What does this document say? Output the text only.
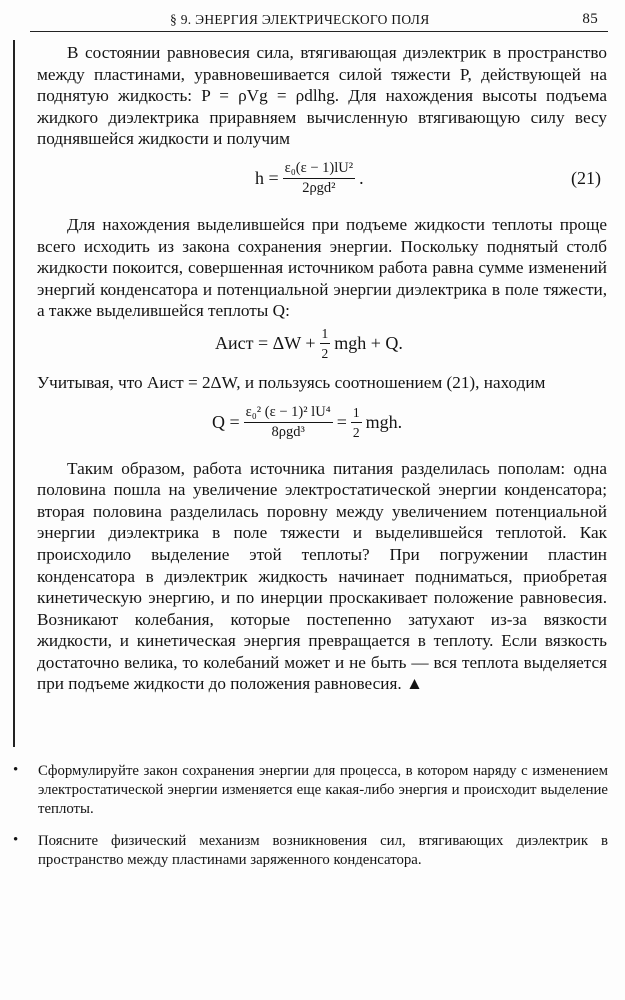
§ 9. ЭНЕРГИЯ ЭЛЕКТРИЧЕСКОГО ПОЛЯ	85

В состоянии равновесия сила, втягивающая диэлектрик в пространство между пластинами, уравновешивается силой тяжести P, действующей на поднятую жидкость: P = ρVg = ρdlhg. Для нахождения высоты подъема жидкого диэлектрика приравняем вычисленную втягивающую силу весу поднявшейся жидкости и получим

$h = \frac{\text{ε₀(ε − 1)lU²}}{\text{2ρgd²}}$ .	(21)

Для нахождения выделившейся при подъеме жидкости теплоты проще всего исходить из закона сохранения энергии. Поскольку поднятый столб жидкости покоится, совершенная источником работа равна сумме изменений энергий конденсатора и потенциальной энергии диэлектрика в поле тяжести, а также выделившейся теплоты Q:

Aист = $\Delta W + \frac{1}{2}$ mgh + Q.

Учитывая, что Aист = 2ΔW, и пользуясь соотношением (21), находим

$Q = \frac{\text{ε₀² (ε − 1)² lU⁴}}{\text{8ρgd³}} = \frac{1}{2}$ mgh.

Таким образом, работа источника питания разделилась пополам: одна половина пошла на увеличение электростатической энергии конденсатора; вторая половина разделилась поровну между увеличением потенциальной энергии диэлектрика в поле тяжести и выделившейся теплотой. Как происходило выделение этой теплоты? При погружении пластин конденсатора в диэлектрик жидкость начинает подниматься, приобретая кинетическую энергию, и по инерции проскакивает положение равновесия. Возникают колебания, которые постепенно затухают из-за вязкости жидкости, и кинетическая энергия превращается в теплоту. Если вязкость достаточно велика, то колебаний может и не быть — вся теплота выделяется при подъеме жидкости до положения равновесия. ▲

• Сформулируйте закон сохранения энергии для процесса, в котором наряду с изменением электростатической энергии изменяется еще какая-либо энергия и происходит выделение теплоты.
• Поясните физический механизм возникновения сил, втягивающих диэлектрик в пространство между пластинами заряженного конденсатора.
